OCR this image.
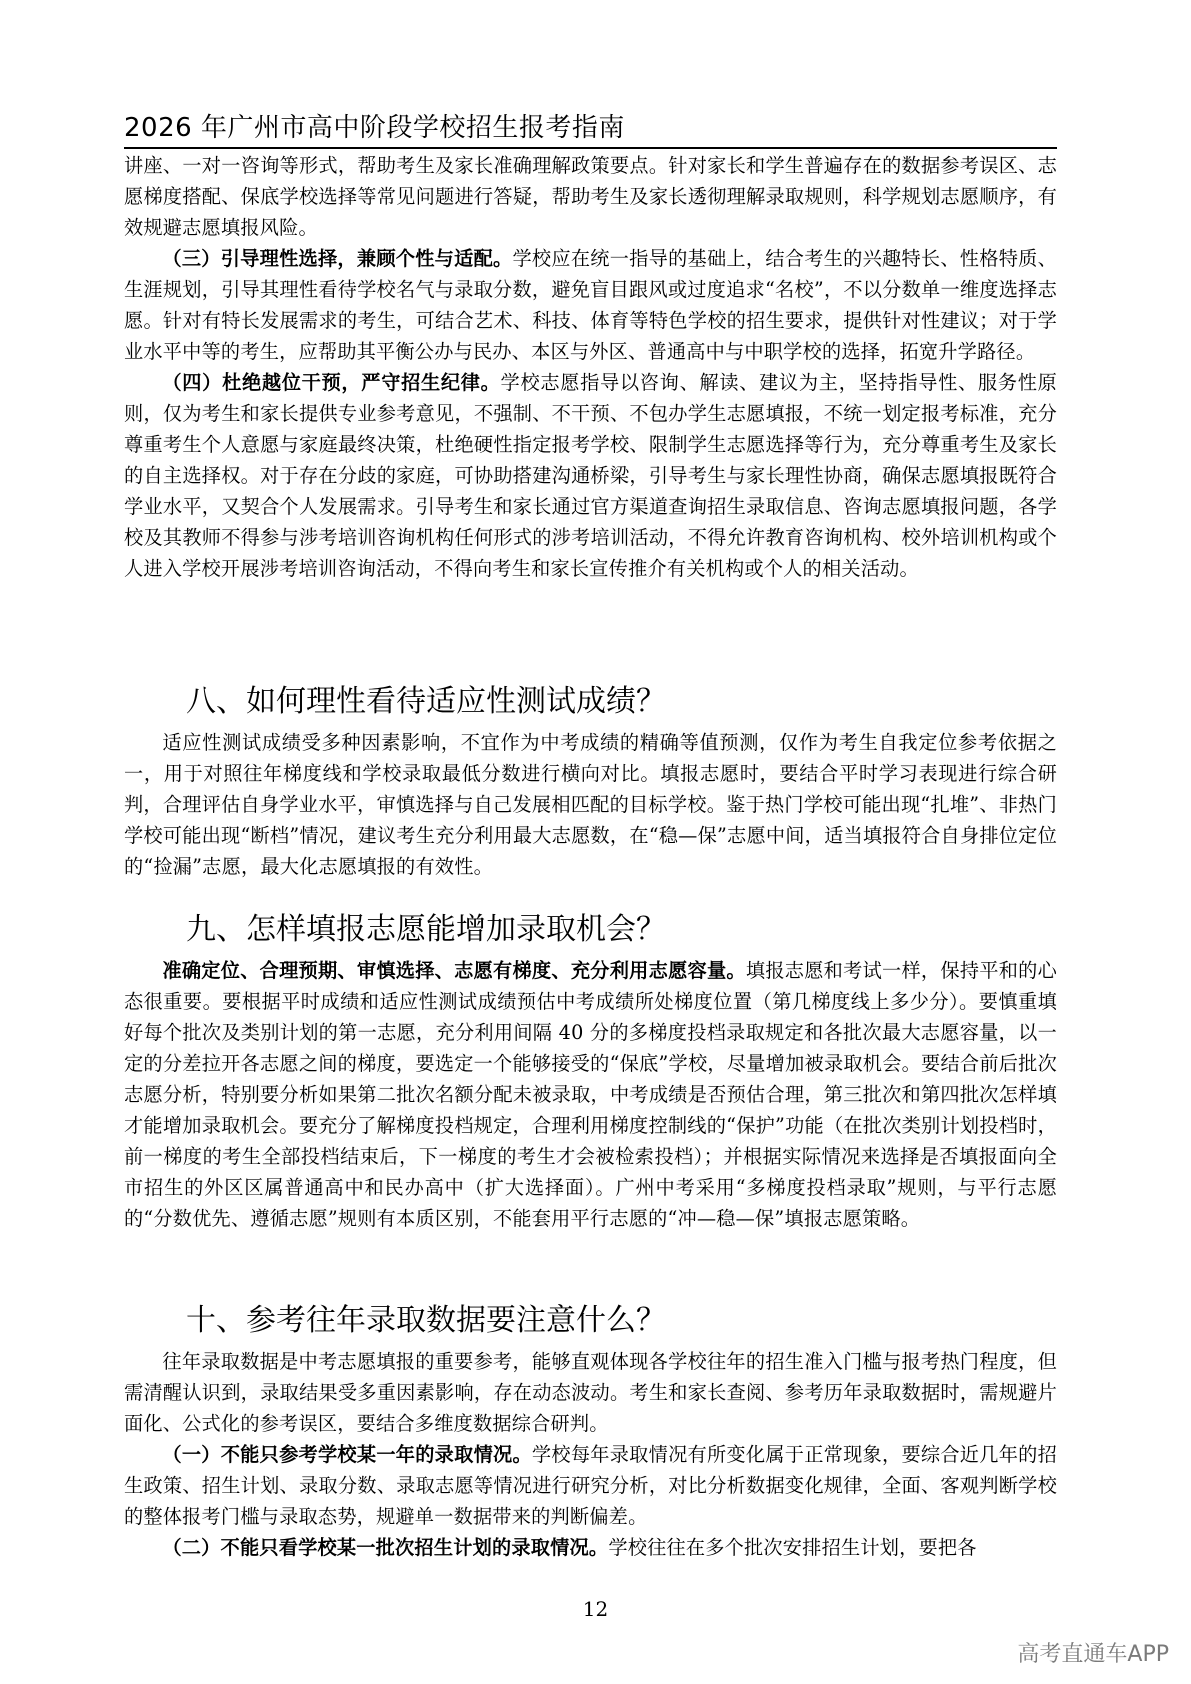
2026 年广州市高中阶段学校招生报考指南

讲座、一对一咨询等形式，帮助考生及家长准确理解政策要点。针对家长和学生普遍存在的数据参考误区、志愿梯度搭配、保底学校选择等常见问题进行答疑，帮助考生及家长透彻理解录取规则，科学规划志愿顺序，有效规避志愿填报风险。

（三）引导理性选择，兼顾个性与适配。学校应在统一指导的基础上，结合考生的兴趣特长、性格特质、生涯规划，引导其理性看待学校名气与录取分数，避免盲目跟风或过度追求“名校”，不以分数单一维度选择志愿。针对有特长发展需求的考生，可结合艺术、科技、体育等特色学校的招生要求，提供针对性建议；对于学业水平中等的考生，应帮助其平衡公办与民办、本区与外区、普通高中与中职学校的选择，拓宽升学路径。

（四）杜绝越位干预，严守招生纪律。学校志愿指导以咨询、解读、建议为主，坚持指导性、服务性原则，仅为考生和家长提供专业参考意见，不强制、不干预、不包办学生志愿填报，不统一划定报考标准，充分尊重考生个人意愿与家庭最终决策，杜绝硬性指定报考学校、限制学生志愿选择等行为，充分尊重考生及家长的自主选择权。对于存在分歧的家庭，可协助搭建沟通桥梁，引导考生与家长理性协商，确保志愿填报既符合学业水平，又契合个人发展需求。引导考生和家长通过官方渠道查询招生录取信息、咨询志愿填报问题，各学校及其教师不得参与涉考培训咨询机构任何形式的涉考培训活动，不得允许教育咨询机构、校外培训机构或个人进入学校开展涉考培训咨询活动，不得向考生和家长宣传推介有关机构或个人的相关活动。

八、如何理性看待适应性测试成绩？

适应性测试成绩受多种因素影响，不宜作为中考成绩的精确等值预测，仅作为考生自我定位参考依据之一，用于对照往年梯度线和学校录取最低分数进行横向对比。填报志愿时，要结合平时学习表现进行综合研判，合理评估自身学业水平，审慎选择与自己发展相匹配的目标学校。鉴于热门学校可能出现“扎堆”、非热门学校可能出现“断档”情况，建议考生充分利用最大志愿数，在“稳—保”志愿中间，适当填报符合自身排位定位的“捡漏”志愿，最大化志愿填报的有效性。

九、怎样填报志愿能增加录取机会？

准确定位、合理预期、审慎选择、志愿有梯度、充分利用志愿容量。填报志愿和考试一样，保持平和的心态很重要。要根据平时成绩和适应性测试成绩预估中考成绩所处梯度位置（第几梯度线上多少分）。要慎重填好每个批次及类别计划的第一志愿，充分利用间隔 40 分的多梯度投档录取规定和各批次最大志愿容量，以一定的分差拉开各志愿之间的梯度，要选定一个能够接受的“保底”学校，尽量增加被录取机会。要结合前后批次志愿分析，特别要分析如果第二批次名额分配未被录取，中考成绩是否预估合理，第三批次和第四批次怎样填才能增加录取机会。要充分了解梯度投档规定，合理利用梯度控制线的“保护”功能（在批次类别计划投档时，前一梯度的考生全部投档结束后，下一梯度的考生才会被检索投档）；并根据实际情况来选择是否填报面向全市招生的外区区属普通高中和民办高中（扩大选择面）。广州中考采用“多梯度投档录取”规则，与平行志愿的“分数优先、遵循志愿”规则有本质区别，不能套用平行志愿的“冲—稳—保”填报志愿策略。

十、参考往年录取数据要注意什么？

往年录取数据是中考志愿填报的重要参考，能够直观体现各学校往年的招生准入门槛与报考热门程度，但需清醒认识到，录取结果受多重因素影响，存在动态波动。考生和家长查阅、参考历年录取数据时，需规避片面化、公式化的参考误区，要结合多维度数据综合研判。

（一）不能只参考学校某一年的录取情况。学校每年录取情况有所变化属于正常现象，要综合近几年的招生政策、招生计划、录取分数、录取志愿等情况进行研究分析，对比分析数据变化规律，全面、客观判断学校的整体报考门槛与录取态势，规避单一数据带来的判断偏差。

（二）不能只看学校某一批次招生计划的录取情况。学校往往在多个批次安排招生计划，要把各

12
高考直通车APP
